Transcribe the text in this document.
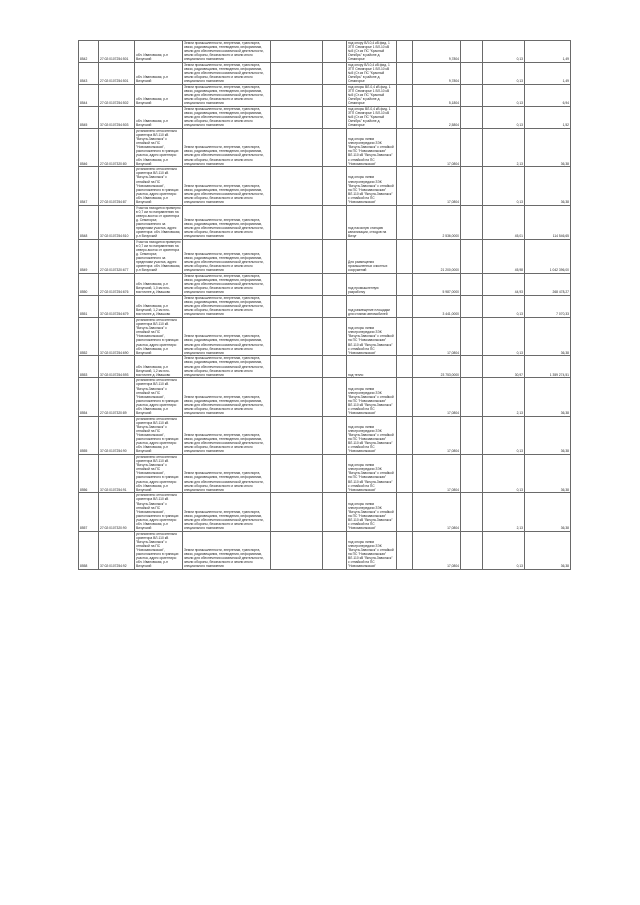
8542	27:02:0107254:501	обл. Ивановская, р-н Вичугский	Земли промышленности, энергетики, транспорта, связи, радиовещания, телевидения, информатики, земли для обеспечения космической деятельности, земли обороны, безопасности и земли иного специального назначения			под опору ВЛ-0,4 кВ фид. 1 ЗТП Семигорье 1 ВЛ-10 кВ №5 (Ст.из ПС "Красный Октябрь" в районе д. Семигорье		9,7804		0,13	1,49
8543	27:02:0107254:501	обл. Ивановская, р-н Вичугский	Земли промышленности, энергетики, транспорта, связи, радиовещания, телевидения, информатики, земли для обеспечения космической деятельности, земли обороны, безопасности и земли иного специального назначения			под опору ВЛ-0,4 кВ фид. 1 ЗТП Семигорье 1 ВЛ-10 кВ №5 (Ст.из ПС "Красный Октябрь" в районе д. Семигорье		9,7804		0,13	1,49
8544	27:02:0107254:502	обл. Ивановская, р-н Вичугский	Земли промышленности, энергетики, транспорта, связи, радиовещания, телевидения, информатики, земли для обеспечения космической деятельности, земли обороны, безопасности и земли иного специального назначения			под опоры ВЛ-0,4 кВ фид. 1 ЗТП Семигорье 1 ВЛ-10 кВ №5 (Ст.из ПС "Красный Октябрь" в районе д. Семигорье		5,1804		0,13	6,94
8545	37:02:0107254:503	обл. Ивановская, р-н Вичугский	Земли промышленности, энергетики, транспорта, связи, радиовещания, телевидения, информатики, земли для обеспечения космической деятельности, земли обороны, безопасности и земли иного специального назначения			под опоры ВЛ-0,4 кВ фид. 1 ЗТП Семигорье 1 ВЛ-10 кВ №5 (Ст.из ПС "Красный Октябрь" в районе д. Семигорье		2,5804		0,13	1,52
8546	27:02:0107320:80	установлено относительно ориентира ВЛ-110 кВ "Вичуга-Заволжск" с отпайкой на ПС "Новозаволжская", расположенного в границах участка, адрес ориентира: обл. Ивановская, р-н Вичугский	Земли промышленности, энергетики, транспорта, связи, радиовещания, телевидения, информатики, земли для обеспечения космической деятельности, земли обороны, безопасности и земли иного специального назначения			под опоры линии электропередачи ЗЭК "Вичуга-Заволжск" с отпайкой на ПС "Новозаволжская" ВЛ-110 кВ "Вичуга-Заволжск" с отпайкой на ПС "Новозаволжская"		17,0804		2,13	36,38
8547	27:02:0107254:87	установлено относительно ориентира ВЛ-110 кВ "Вичуга-Заволжск" с отпайкой на ПС "Новозаволжская", расположенного в границах участка, адрес ориентира: обл. Ивановская, р-н Вичугский	Земли промышленности, энергетики, транспорта, связи, радиовещания, телевидения, информатики, земли для обеспечения космической деятельности, земли обороны, безопасности и земли иного специального назначения			под опоры линии электропередачи ЗЭК "Вичуга-Заволжск" с отпайкой на ПС "Новозаволжская" ВЛ-110 кВ "Вичуга-Заволжск" с отпайкой на ПС "Новозаволжская"		17,0804		0,13	36,38
8548	37:02:0107254:510	Участок находится примерно в 0,7 км по направлению на северо-восток от ориентира д. Семигорье, расположенного за пределами участка, адрес ориентира: обл. Ивановская, р-н Вичугский	Земли промышленности, энергетики, транспорта, связи, радиовещания, телевидения, информатики, земли для обеспечения космической деятельности, земли обороны, безопасности и земли иного специального назначения			под насосную станцию канализации, отходов на Вичуг		2 536,0000		45,01	114 546,65
8549	27:02:0107320:677	Участок находится примерно в 0,7 км по направлению на северо-восток от ориентира д. Семигорье, расположенного за пределами участка, адрес ориентира: обл. Ивановская, р-н Вичугский	Земли промышленности, энергетики, транспорта, связи, радиовещания, телевидения, информатики, земли для обеспечения космической деятельности, земли обороны, безопасности и земли иного специального назначения			Для размещения промышленных очистных сооружений		21 200,0000		45,98	1 042 396,00
8550	27:02:0107254:676	обл. Ивановская, р-н Вичугский, 1,0 км юго-восточнее д. Ивашово	Земли промышленности, энергетики, транспорта, связи, радиовещания, телевидения, информатики, земли для обеспечения космической деятельности, земли обороны, безопасности и земли иного специального назначения			под промышленную разработку		5 987,0000		44,93	268 478,27
8551	37:02:0107254:679	обл. Ивановская, р-н Вичугский, 1,2 км юго-восточнее д. Ивашово	Земли промышленности, энергетики, транспорта, связи, радиовещания, телевидения, информатики, земли для обеспечения космической деятельности, земли обороны, безопасности и земли иного специального назначения			под размещение площадки для стоянки автомобилей		3 441,0000		0,13	7 070,33
8552	37:02:0107254:690	установлено относительно ориентира ВЛ-110 кВ "Вичуга-Заволжск" с отпайкой на ПС "Новозаволжская", расположенного в границах участка, адрес ориентира: обл. Ивановская, р-н Вичугский	Земли промышленности, энергетики, транспорта, связи, радиовещания, телевидения, информатики, земли для обеспечения космической деятельности, земли обороны, безопасности и земли иного специального назначения			под опоры линии электропередачи ЗЭК "Вичуга-Заволжск" с отпайкой на ПС "Новозаволжская" ВЛ-110 кВ "Вичуга-Заволжск" с отпайкой на ПС "Новозаволжская"		17,0804		0,13	36,38
8553	37:02:0107254:593	обл. Ивановская, р-н Вичугский, 1,2 км юго-восточнее д. Ивашово	Земли промышленности, энергетики, транспорта, связи, радиовещания, телевидения, информатики, земли для обеспечения космической деятельности, земли обороны, безопасности и земли иного специального назначения			под тепло		23 753,0000		30,97	1 359 274,51
8554	27:02:0107320:89	установлено относительно ориентира ВЛ-110 кВ "Вичуга-Заволжск" с отпайкой на ПС "Новозаволжская", расположенного в границах участка, адрес ориентира: обл. Ивановская, р-н Вичугский	Земли промышленности, энергетики, транспорта, связи, радиовещания, телевидения, информатики, земли для обеспечения космической деятельности, земли обороны, безопасности и земли иного специального назначения			под опоры линии электропередачи ЗЭК "Вичуга-Заволжск" с отпайкой на ПС "Новозаволжская" ВЛ-110 кВ "Вичуга-Заволжск" с отпайкой на ПС "Новозаволжская"		17,0804		2,13	36,38
8555	37:02:0107254:90	установлено относительно ориентира ВЛ-110 кВ "Вичуга-Заволжск" с отпайкой на ПС "Новозаволжская", расположенного в границах участка, адрес ориентира: обл. Ивановская, р-н Вичугский	Земли промышленности, энергетики, транспорта, связи, радиовещания, телевидения, информатики, земли для обеспечения космической деятельности, земли обороны, безопасности и земли иного специального назначения			под опоры линии электропередачи ЗЭК "Вичуга-Заволжск" с отпайкой на ПС "Новозаволжская" ВЛ-110 кВ "Вичуга-Заволжск" с отпайкой на ПС "Новозаволжская"		17,0804		0,13	36,38
8556	37:02:0107254:91	установлено относительно ориентира ВЛ-110 кВ "Вичуга-Заволжск" с отпайкой на ПС "Новозаволжская", расположенного в границах участка, адрес ориентира: обл. Ивановская, р-н Вичугский	Земли промышленности, энергетики, транспорта, связи, радиовещания, телевидения, информатики, земли для обеспечения космической деятельности, земли обороны, безопасности и земли иного специального назначения			под опоры линии электропередачи ЗЭК "Вичуга-Заволжск" с отпайкой на ПС "Новозаволжская" ВЛ-110 кВ "Вичуга-Заволжск" с отпайкой на ПС "Новозаволжская"		17,0804		0,13	36,38
8557	27:02:0107320:90	установлено относительно ориентира ВЛ-110 кВ "Вичуга-Заволжск" с отпайкой на ПС "Новозаволжская", расположенного в границах участка, адрес ориентира: обл. Ивановская, р-н Вичугский	Земли промышленности, энергетики, транспорта, связи, радиовещания, телевидения, информатики, земли для обеспечения космической деятельности, земли обороны, безопасности и земли иного специального назначения			под опоры линии электропередачи ЗЭК "Вичуга-Заволжск" с отпайкой на ПС "Новозаволжская" ВЛ-110 кВ "Вичуга-Заволжск" с отпайкой на ПС "Новозаволжская"		17,0804		2,13	36,38
8558	37:02:0107254:92	установлено относительно ориентира ВЛ-110 кВ "Вичуга-Заволжск" с отпайкой на ПС "Новозаволжская", расположенного в границах участка, адрес ориентира: обл. Ивановская, р-н Вичугский	Земли промышленности, энергетики, транспорта, связи, радиовещания, телевидения, информатики, земли для обеспечения космической деятельности, земли обороны, безопасности и земли иного специального назначения			под опоры линии электропередачи ЗЭК "Вичуга-Заволжск" с отпайкой на ПС "Новозаволжская" ВЛ-110 кВ "Вичуга-Заволжск" с отпайкой на ПС "Новозаволжская"		17,0804		0,13	36,38
